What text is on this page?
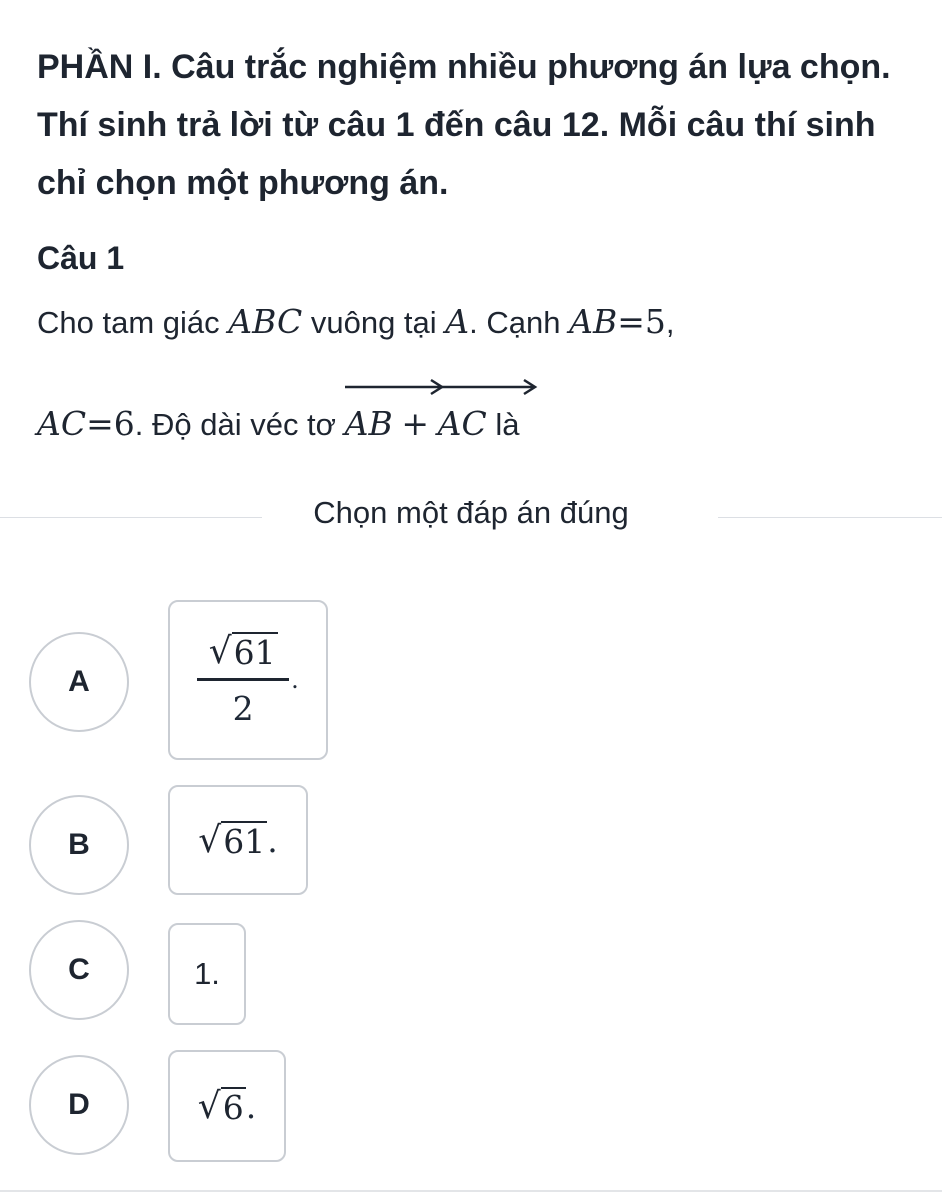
PHẦN I. Câu trắc nghiệm nhiều phương án lựa chọn. Thí sinh trả lời từ câu 1 đến câu 12. Mỗi câu thí sinh chỉ chọn một phương án.
Câu 1
Cho tam giác ABC vuông tại A. Cạnh AB=5,
AC=6. Độ dài véc tơ AB + AC là
Chọn một đáp án đúng
A	$\frac{√ 61}{2}$ .
B	√ 61 .
C	1.
D	√ 6 .
